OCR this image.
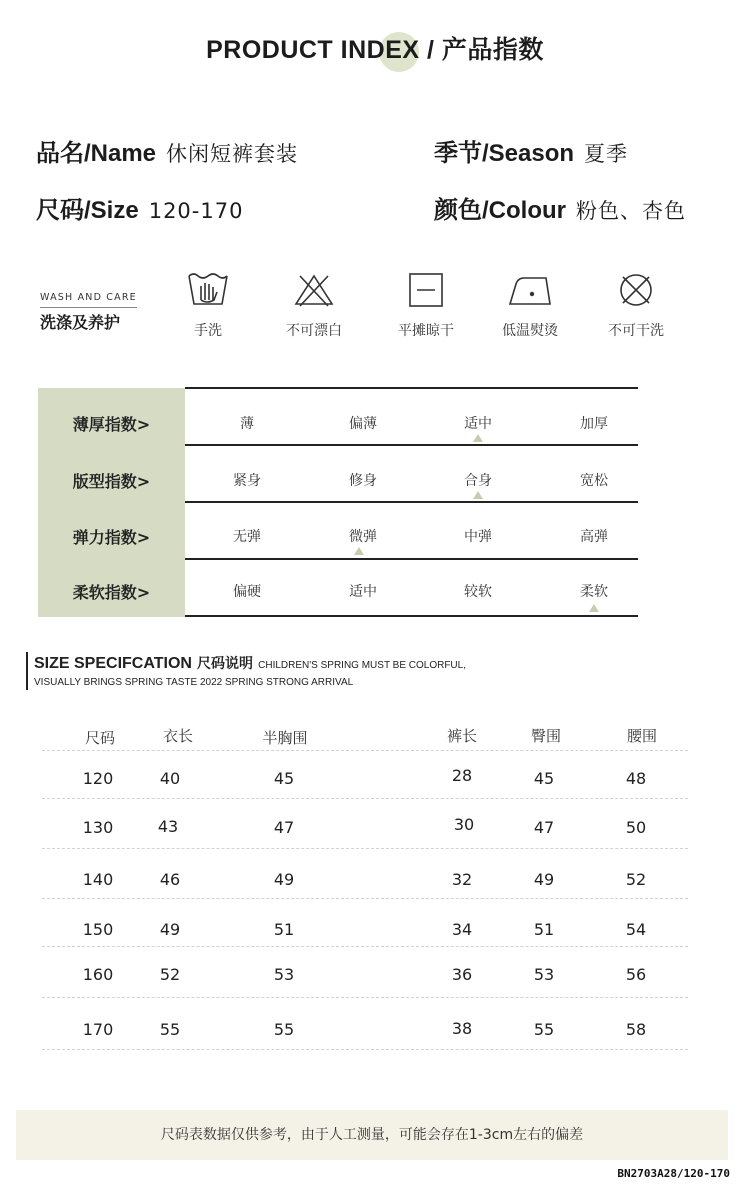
PRODUCT INDEX / 产品指数
品名/Name 休闲短裤套装	季节/Season 夏季
尺码/Size 120-170	颜色/Colour 粉色、杏色
WASH AND CARE
洗涤及养护	手洗	不可漂白	平摊晾干	低温熨烫	不可干洗
薄厚指数>	薄	偏薄	适中	加厚
版型指数>	紧身	修身	合身	宽松
弹力指数>	无弹	微弹	中弹	高弹
柔软指数>	偏硬	适中	较软	柔软
SIZE SPECIFCATION 尺码说明 CHILDREN'S SPRING MUST BE COLORFUL,
VISUALLY BRINGS SPRING TASTE 2022 SPRING STRONG ARRIVAL
尺码	衣长	半胸围	裤长	臀围	腰围
120	40	45	28	45	48
130	43	47	30	47	50
140	46	49	32	49	52
150	49	51	34	51	54
160	52	53	36	53	56
170	55	55	38	55	58
尺码表数据仅供参考，由于人工测量，可能会存在1-3cm左右的偏差
BN2703A28/120-170
